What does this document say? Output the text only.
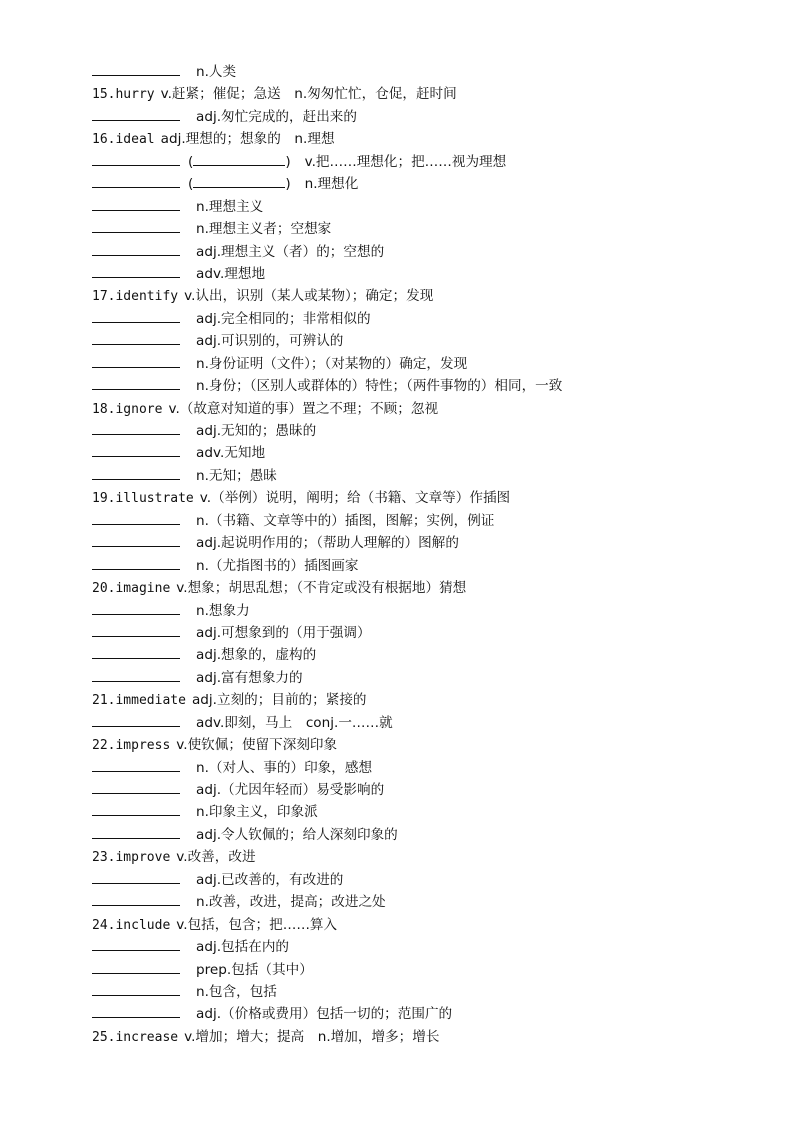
n.人类
15.hurry v.赶紧；催促；急送　n.匆匆忙忙，仓促，赶时间
adj.匆忙完成的，赶出来的
16.ideal adj.理想的；想象的　n.理想
(	) v.把……理想化；把……视为理想
(	) n.理想化
n.理想主义
n.理想主义者；空想家
adj.理想主义（者）的；空想的
adv.理想地
17.identify v.认出，识别（某人或某物）；确定；发现
adj.完全相同的；非常相似的
adj.可识别的，可辨认的
n.身份证明（文件）；（对某物的）确定，发现
n.身份；（区别人或群体的）特性；（两件事物的）相同，一致
18.ignore v.（故意对知道的事）置之不理；不顾；忽视
adj.无知的；愚昧的
adv.无知地
n.无知；愚昧
19.illustrate v.（举例）说明，阐明；给（书籍、文章等）作插图
n.（书籍、文章等中的）插图，图解；实例，例证
adj.起说明作用的；（帮助人理解的）图解的
n.（尤指图书的）插图画家
20.imagine v.想象；胡思乱想；（不肯定或没有根据地）猜想
n.想象力
adj.可想象到的（用于强调）
adj.想象的，虚构的
adj.富有想象力的
21.immediate adj.立刻的；目前的；紧接的
adv.即刻，马上　conj.一……就
22.impress v.使钦佩；使留下深刻印象
n.（对人、事的）印象，感想
adj.（尤因年轻而）易受影响的
n.印象主义，印象派
adj.令人钦佩的；给人深刻印象的
23.improve v.改善，改进
adj.已改善的，有改进的
n.改善，改进，提高；改进之处
24.include v.包括，包含；把……算入
adj.包括在内的
prep.包括（其中）
n.包含，包括
adj.（价格或费用）包括一切的；范围广的
25.increase v.增加；增大；提高　n.增加，增多；增长
